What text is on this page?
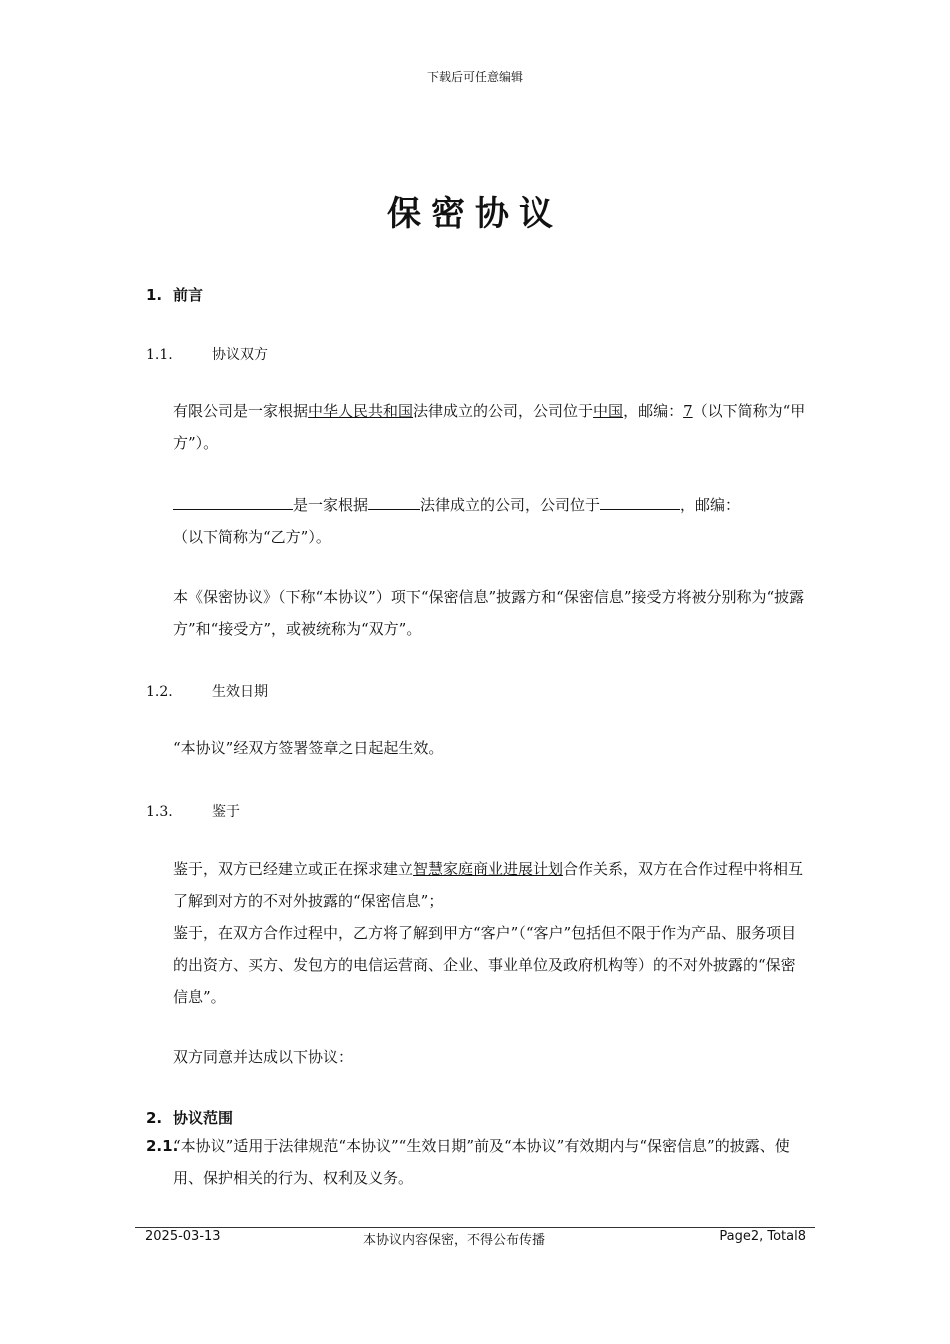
下载后可任意编辑
保密协议
1. 前言
1.1.	协议双方
有限公司是一家根据中华人民共和国法律成立的公司，公司位于中国，邮编：7（以下简称为“甲方”）。
是一家根据	法律成立的公司，公司位于	，邮编：
（以下简称为“乙方”）。
本《保密协议》（下称“本协议”）项下“保密信息”披露方和“保密信息”接受方将被分别称为“披露方”和“接受方”，或被统称为“双方”。
1.2.	生效日期
“本协议”经双方签署签章之日起起生效。
1.3.	鉴于
鉴于，双方已经建立或正在探求建立智慧家庭商业进展计划合作关系，双方在合作过程中将相互了解到对方的不对外披露的“保密信息”；
鉴于，在双方合作过程中，乙方将了解到甲方“客户”（“客户”包括但不限于作为产品、服务项目的出资方、买方、发包方的电信运营商、企业、事业单位及政府机构等）的不对外披露的“保密信息”。
双方同意并达成以下协议：
2. 协议范围
2.1.
“本协议”适用于法律规范“本协议”“生效日期”前及“本协议”有效期内与“保密信息”的披露、使用、保护相关的行为、权利及义务。
2025-03-13	本协议内容保密，不得公布传播	Page2, Total8
